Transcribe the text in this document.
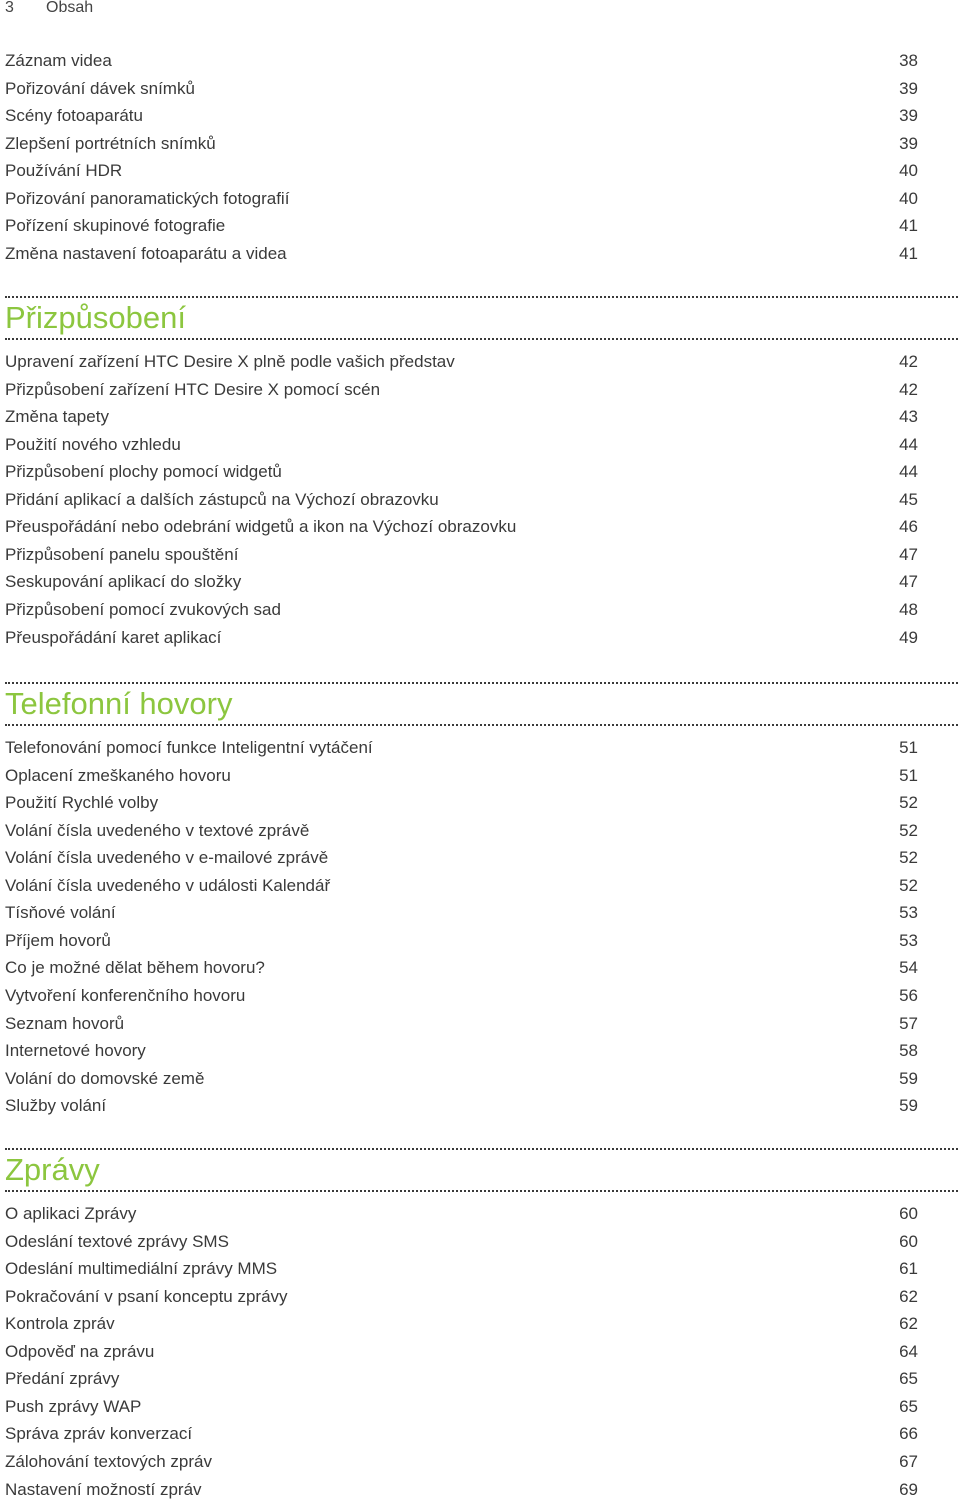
3 Obsah
Záznam videa	38
Pořizování dávek snímků	39
Scény fotoaparátu	39
Zlepšení portrétních snímků	39
Používání HDR	40
Pořizování panoramatických fotografií	40
Pořízení skupinové fotografie	41
Změna nastavení fotoaparátu a videa	41
Přizpůsobení
Upravení zařízení HTC Desire X plně podle vašich představ	42
Přizpůsobení zařízení HTC Desire X pomocí scén	42
Změna tapety	43
Použití nového vzhledu	44
Přizpůsobení plochy pomocí widgetů	44
Přidání aplikací a dalších zástupců na Výchozí obrazovku	45
Přeuspořádání nebo odebrání widgetů a ikon na Výchozí obrazovku	46
Přizpůsobení panelu spouštění	47
Seskupování aplikací do složky	47
Přizpůsobení pomocí zvukových sad	48
Přeuspořádání karet aplikací	49
Telefonní hovory
Telefonování pomocí funkce Inteligentní vytáčení	51
Oplacení zmeškaného hovoru	51
Použití Rychlé volby	52
Volání čísla uvedeného v textové zprávě	52
Volání čísla uvedeného v e-mailové zprávě	52
Volání čísla uvedeného v události Kalendář	52
Tísňové volání	53
Příjem hovorů	53
Co je možné dělat během hovoru?	54
Vytvoření konferenčního hovoru	56
Seznam hovorů	57
Internetové hovory	58
Volání do domovské země	59
Služby volání	59
Zprávy
O aplikaci Zprávy	60
Odeslání textové zprávy SMS	60
Odeslání multimediální zprávy MMS	61
Pokračování v psaní konceptu zprávy	62
Kontrola zpráv	62
Odpověď na zprávu	64
Předání zprávy	65
Push zprávy WAP	65
Správa zpráv konverzací	66
Zálohování textových zpráv	67
Nastavení možností zpráv	69
